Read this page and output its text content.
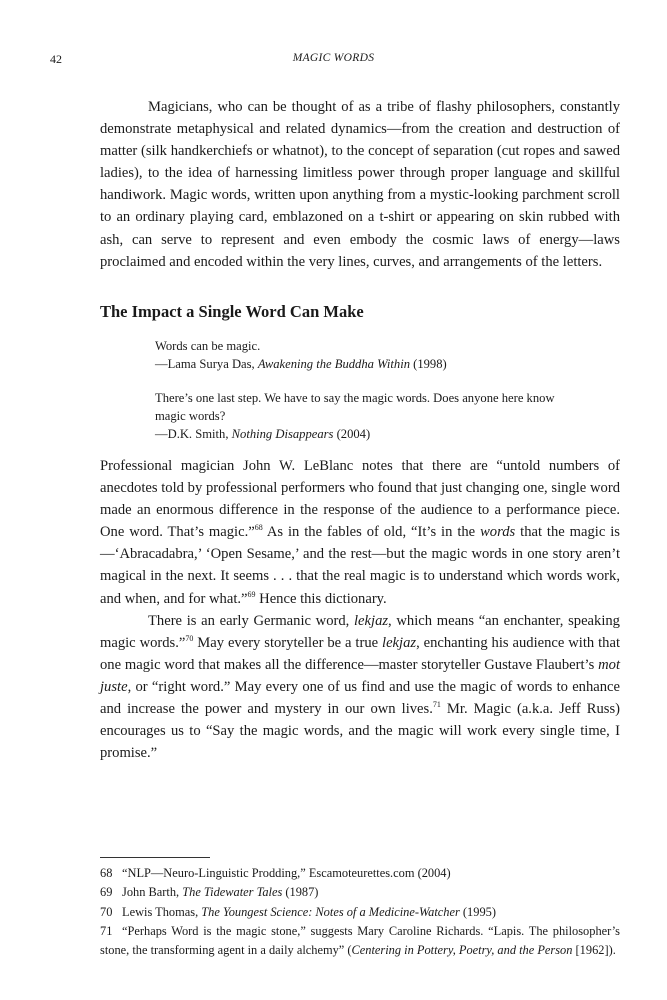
42	MAGIC WORDS

Magicians, who can be thought of as a tribe of flashy philosophers, constantly demonstrate metaphysical and related dynamics—from the creation and destruction of matter (silk handkerchiefs or whatnot), to the concept of separation (cut ropes and sawed ladies), to the idea of harnessing limitless power through proper language and skillful handiwork. Magic words, written upon anything from a mystic-looking parchment scroll to an ordinary playing card, emblazoned on a t-shirt or appearing on skin rubbed with ash, can serve to represent and even embody the cosmic laws of energy—laws proclaimed and encoded within the very lines, curves, and arrangements of the letters.

The Impact a Single Word Can Make

Words can be magic.

—Lama Surya Das, Awakening the Buddha Within (1998)

There’s one last step. We have to say the magic words. Does anyone here know magic words?

—D.K. Smith, Nothing Disappears (2004)

Professional magician John W. LeBlanc notes that there are “untold numbers of anecdotes told by professional performers who found that just changing one, single word made an enormous difference in the response of the audience to a performance piece. One word. That’s magic.”$^{68}$ As in the fables of old, “It’s in the words that the magic is—‘Abracadabra,’ ‘Open Sesame,’ and the rest—but the magic words in one story aren’t magical in the next. It seems . . . that the real magic is to understand which words work, and when, and for what.”$^{69}$ Hence this dictionary.

There is an early Germanic word, lekjaz, which means “an enchanter, speaking magic words.”$^{70}$ May every storyteller be a true lekjaz, enchanting his audience with that one magic word that makes all the difference—master storyteller Gustave Flaubert’s mot juste, or “right word.” May every one of us find and use the magic of words to enhance and increase the power and mystery in our own lives.$^{71}$ Mr. Magic (a.k.a. Jeff Russ) encourages us to “Say the magic words, and the magic will work every single time, I promise.”

68 “NLP—Neuro-Linguistic Prodding,” Escamoteurettes.com (2004)

69 John Barth, The Tidewater Tales (1987)

70 Lewis Thomas, The Youngest Science: Notes of a Medicine-Watcher (1995)

71 “Perhaps Word is the magic stone,” suggests Mary Caroline Richards. “Lapis. The philosopher’s stone, the transforming agent in a daily alchemy” (Centering in Pottery, Poetry, and the Person [1962]).
